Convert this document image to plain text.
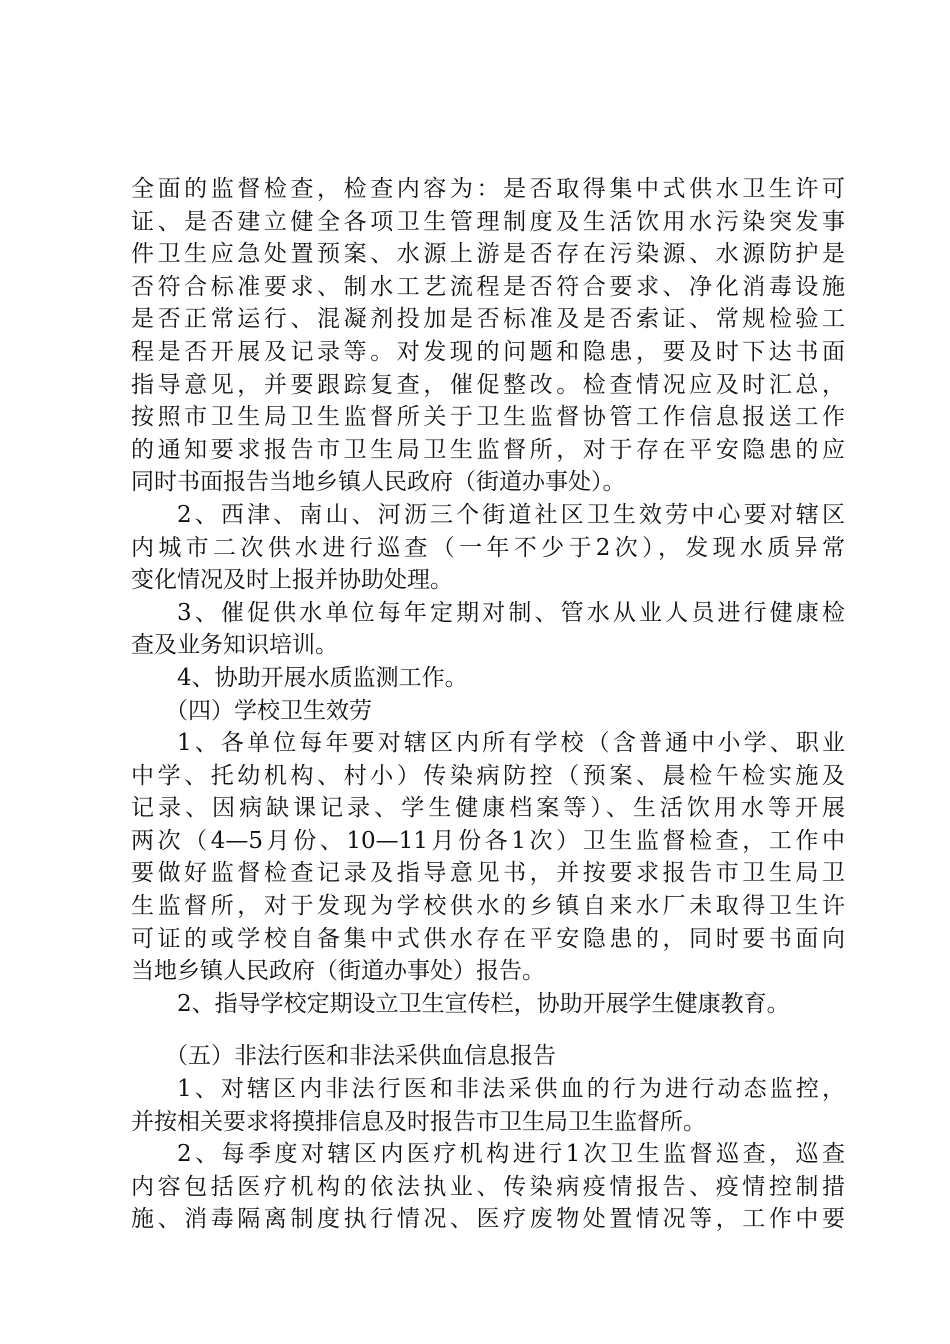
全面的监督检查，检查内容为：是否取得集中式供水卫生许可
证、是否建立健全各项卫生管理制度及生活饮用水污染突发事
件卫生应急处置预案、水源上游是否存在污染源、水源防护是
否符合标准要求、制水工艺流程是否符合要求、净化消毒设施
是否正常运行、混凝剂投加是否标准及是否索证、常规检验工
程是否开展及记录等。对发现的问题和隐患，要及时下达书面
指导意见，并要跟踪复查，催促整改。检查情况应及时汇总，
按照市卫生局卫生监督所关于卫生监督协管工作信息报送工作
的通知要求报告市卫生局卫生监督所，对于存在平安隐患的应
同时书面报告当地乡镇人民政府（街道办事处）。
2、西津、南山、河沥三个街道社区卫生效劳中心要对辖区
内城市二次供水进行巡查（一年不少于2次），发现水质异常
变化情况及时上报并协助处理。
3、催促供水单位每年定期对制、管水从业人员进行健康检
查及业务知识培训。
4、协助开展水质监测工作。
（四）学校卫生效劳
1、各单位每年要对辖区内所有学校（含普通中小学、职业
中学、托幼机构、村小）传染病防控（预案、晨检午检实施及
记录、因病缺课记录、学生健康档案等）、生活饮用水等开展
两次（4—5月份、10—11月份各1次）卫生监督检查，工作中
要做好监督检查记录及指导意见书，并按要求报告市卫生局卫
生监督所，对于发现为学校供水的乡镇自来水厂未取得卫生许
可证的或学校自备集中式供水存在平安隐患的，同时要书面向
当地乡镇人民政府（街道办事处）报告。
2、指导学校定期设立卫生宣传栏，协助开展学生健康教育。
（五）非法行医和非法采供血信息报告
1、对辖区内非法行医和非法采供血的行为进行动态监控，
并按相关要求将摸排信息及时报告市卫生局卫生监督所。
2、每季度对辖区内医疗机构进行1次卫生监督巡查，巡查
内容包括医疗机构的依法执业、传染病疫情报告、疫情控制措
施、消毒隔离制度执行情况、医疗废物处置情况等，工作中要
